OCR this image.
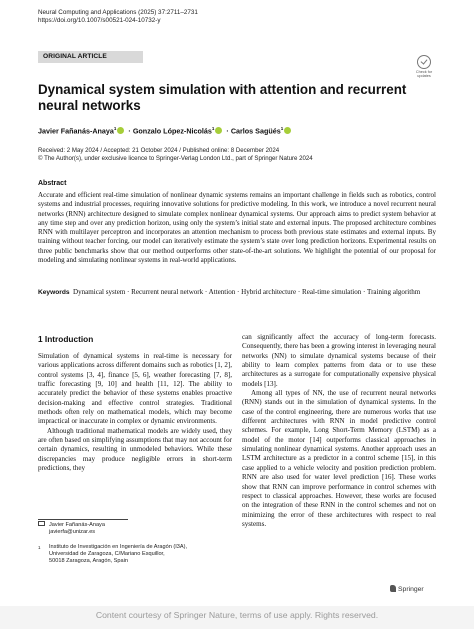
Neural Computing and Applications (2025) 37:2711–2731
https://doi.org/10.1007/s00521-024-10732-y
ORIGINAL ARTICLE
Check for
updates
Dynamical system simulation with attention and recurrent neural networks
Javier Fañanás-Anaya$^1$ · Gonzalo López-Nicolás$^1$ · Carlos Sagüés$^1$
Received: 2 May 2024 / Accepted: 21 October 2024 / Published online: 8 December 2024
© The Author(s), under exclusive licence to Springer-Verlag London Ltd., part of Springer Nature 2024
Abstract
Accurate and efficient real-time simulation of nonlinear dynamic systems remains an important challenge in fields such as robotics, control systems and industrial processes, requiring innovative solutions for predictive modeling. In this work, we introduce a novel recurrent neural networks (RNN) architecture designed to simulate complex nonlinear dynamical systems. Our approach aims to predict system behavior at any time step and over any prediction horizon, using only the system’s initial state and external inputs. The proposed architecture combines RNN with multilayer perceptron and incorporates an attention mechanism to process both previous state estimates and external inputs. By training without teacher forcing, our model can iteratively estimate the system’s state over long prediction horizons. Experimental results on three public benchmarks show that our method outperforms other state-of-the-art solutions. We highlight the potential of our proposal for modeling and simulating nonlinear systems in real-world applications.
Keywords Dynamical system · Recurrent neural network · Attention · Hybrid architecture · Real-time simulation · Training algorithm
1 Introduction

Simulation of dynamical systems in real-time is necessary for various applications across different domains such as robotics [1, 2], control systems [3, 4], finance [5, 6], weather forecasting [7, 8], traffic forecasting [9, 10] and health [11, 12]. The ability to accurately predict the behavior of these systems enables proactive decision-making and effective control strategies. Traditional methods often rely on mathematical models, which may become impractical or inaccurate in complex or dynamic environments.

Although traditional mathematical models are widely used, they are often based on simplifying assumptions that may not account for certain dynamics, resulting in unmodeled behaviors. While these discrepancies may produce negligible errors in short-term predictions, they

can significantly affect the accuracy of long-term forecasts. Consequently, there has been a growing interest in leveraging neural networks (NN) to simulate dynamical systems because of their ability to learn complex patterns from data or to use these architectures as a surrogate for computationally expensive physical models [13].

Among all types of NN, the use of recurrent neural networks (RNN) stands out in the simulation of dynamical systems. In the case of the control engineering, there are numerous works that use different architectures with RNN in model predictive control schemes. For example, Long Short-Term Memory (LSTM) as a model of the motor [14] outperforms classical approaches in simulating nonlinear dynamical systems. Another approach uses an LSTM architecture as a predictor in a control scheme [15], in this case applied to a vehicle velocity and position prediction problem. RNN are also used for water level prediction [16]. These works show that RNN can improve performance in control schemes with respect to classical approaches. However, these works are focused on the integration of these RNN in the control schemes and not on minimizing the error of these architectures with respect to real systems.

Javier Fañanás-Anaya
javierfa@unizar.es
1	Instituto de Investigación en Ingeniería de Aragón (I3A), Universidad de Zaragoza, C/Mariano Esquillor,
50018 Zaragoza, Aragón, Spain
Springer
Content courtesy of Springer Nature, terms of use apply. Rights reserved.
